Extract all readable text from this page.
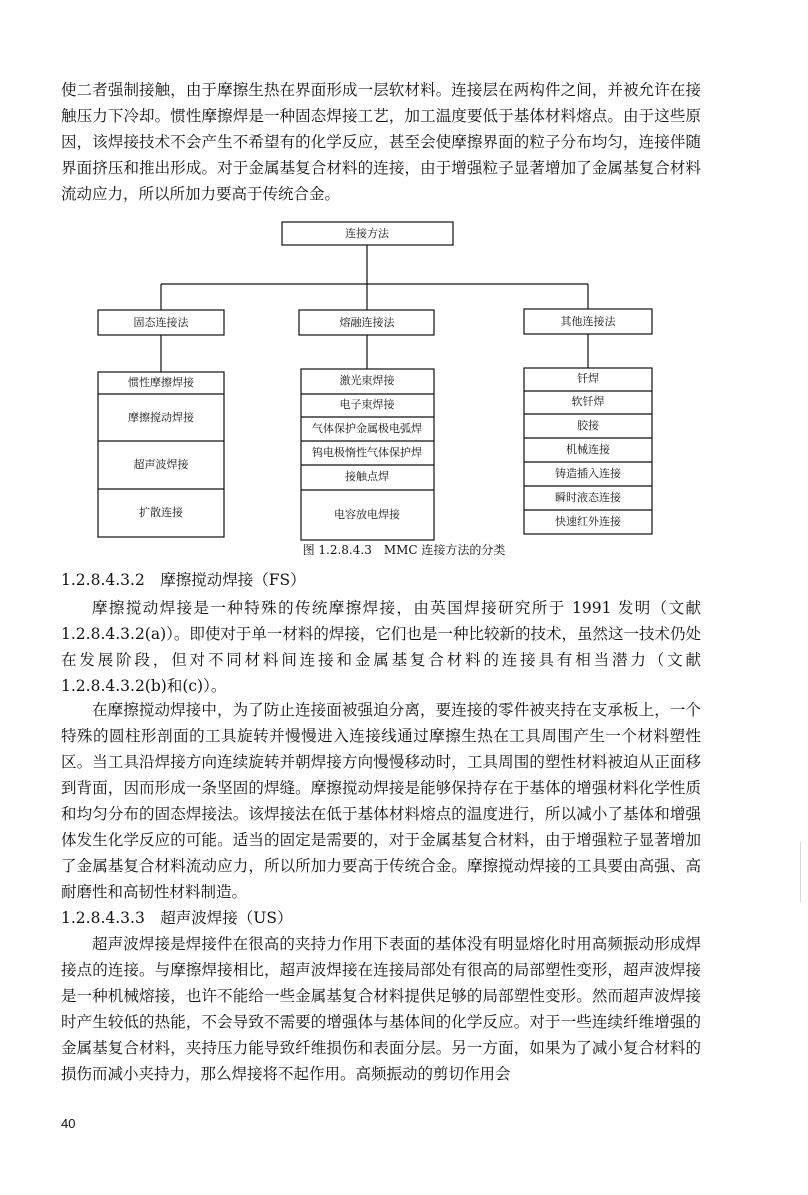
使二者强制接触，由于摩擦生热在界面形成一层软材料。连接层在两构件之间，并被允许在接触压力下冷却。惯性摩擦焊是一种固态焊接工艺，加工温度要低于基体材料熔点。由于这些原因，该焊接技术不会产生不希望有的化学反应，甚至会使摩擦界面的粒子分布均匀，连接伴随界面挤压和推出形成。对于金属基复合材料的连接，由于增强粒子显著增加了金属基复合材料流动应力，所以所加力要高于传统合金。

连接方法
固态连接法	熔融连接法	其他连接法
惯性摩擦焊接
摩擦搅动焊接
超声波焊接
扩散连接
激光束焊接
电子束焊接
气体保护金属极电弧焊
钨电极惰性气体保护焊
接触点焊
电容放电焊接
钎焊
软钎焊
胶接
机械连接
铸造插入连接
瞬时液态连接
快速红外连接
图 1.2.8.4.3　MMC 连接方法的分类

1.2.8.4.3.2　摩擦搅动焊接（FS）

摩擦搅动焊接是一种特殊的传统摩擦焊接，由英国焊接研究所于 1991 发明（文献 1.2.8.4.3.2(a)）。即使对于单一材料的焊接，它们也是一种比较新的技术，虽然这一技术仍处在发展阶段，但对不同材料间连接和金属基复合材料的连接具有相当潜力（文献 1.2.8.4.3.2(b)和(c)）。

在摩擦搅动焊接中，为了防止连接面被强迫分离，要连接的零件被夹持在支承板上，一个特殊的圆柱形剖面的工具旋转并慢慢进入连接线通过摩擦生热在工具周围产生一个材料塑性区。当工具沿焊接方向连续旋转并朝焊接方向慢慢移动时，工具周围的塑性材料被迫从正面移到背面，因而形成一条坚固的焊缝。摩擦搅动焊接是能够保持存在于基体的增强材料化学性质和均匀分布的固态焊接法。该焊接法在低于基体材料熔点的温度进行，所以减小了基体和增强体发生化学反应的可能。适当的固定是需要的，对于金属基复合材料，由于增强粒子显著增加了金属基复合材料流动应力，所以所加力要高于传统合金。摩擦搅动焊接的工具要由高强、高耐磨性和高韧性材料制造。

1.2.8.4.3.3　超声波焊接（US）

超声波焊接是焊接件在很高的夹持力作用下表面的基体没有明显熔化时用高频振动形成焊接点的连接。与摩擦焊接相比，超声波焊接在连接局部处有很高的局部塑性变形，超声波焊接是一种机械熔接，也许不能给一些金属基复合材料提供足够的局部塑性变形。然而超声波焊接时产生较低的热能，不会导致不需要的增强体与基体间的化学反应。对于一些连续纤维增强的金属基复合材料，夹持压力能导致纤维损伤和表面分层。另一方面，如果为了减小复合材料的损伤而减小夹持力，那么焊接将不起作用。高频振动的剪切作用会

40
